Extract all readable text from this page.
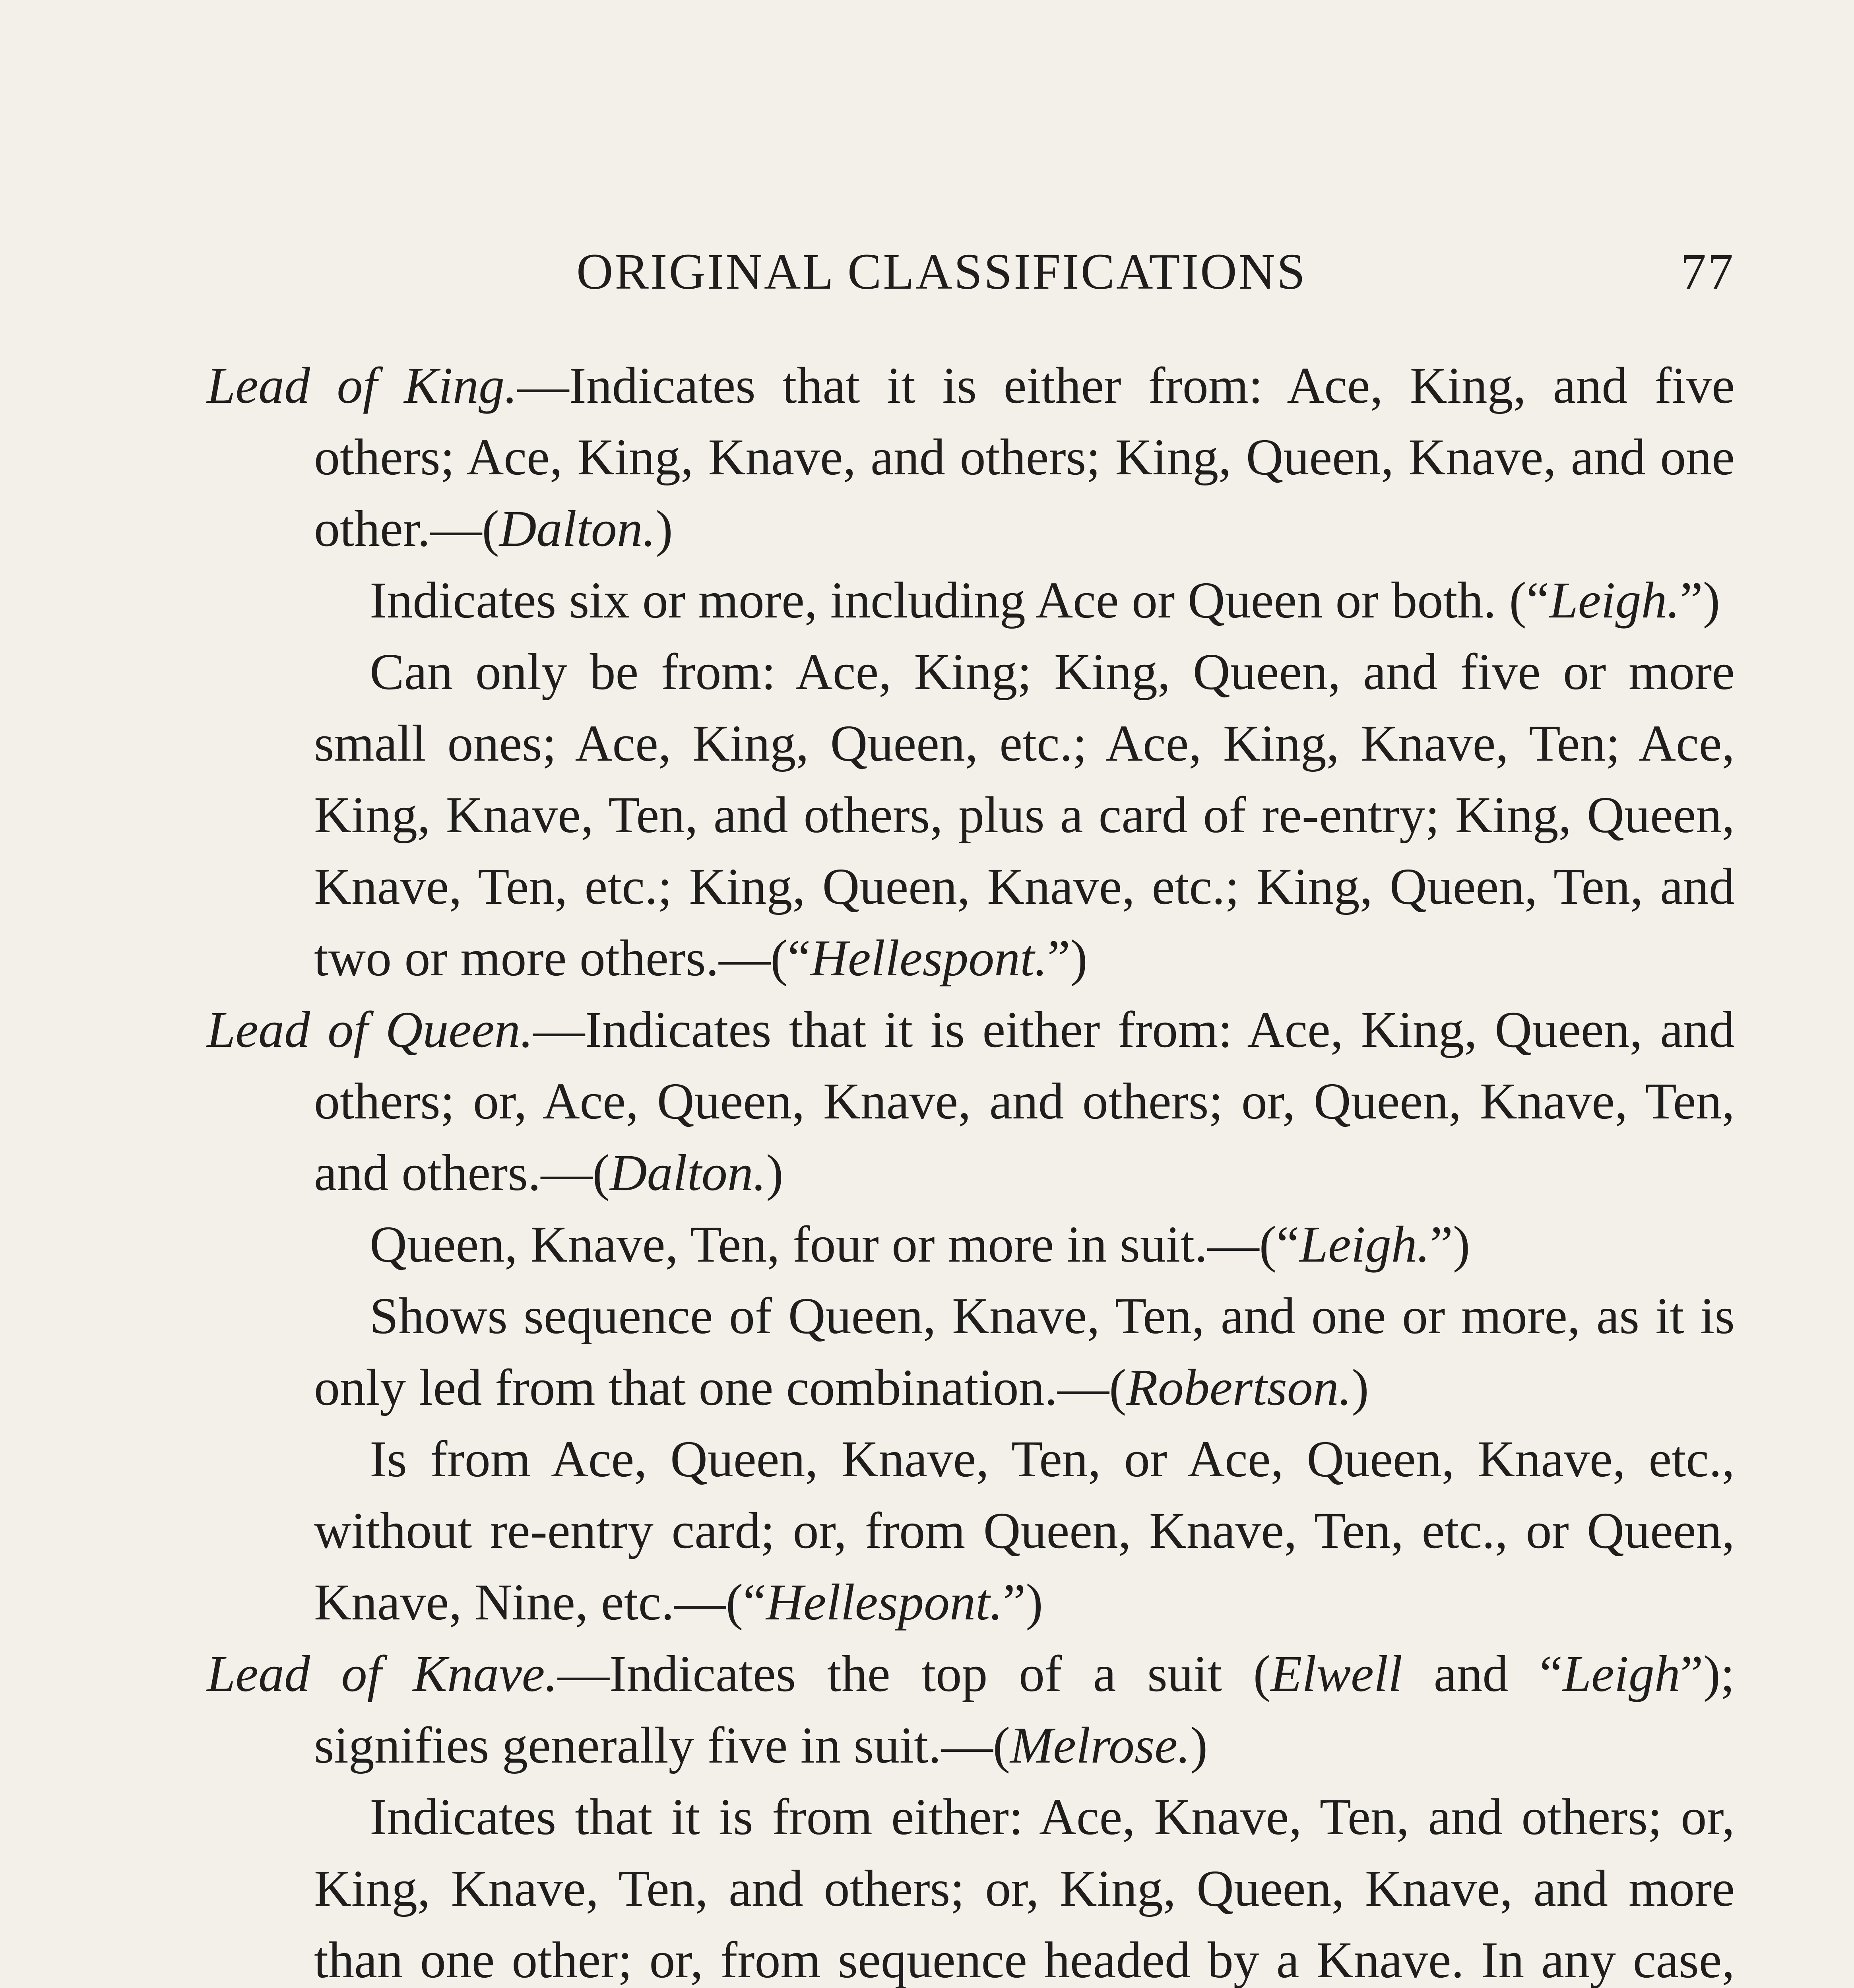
ORIGINAL CLASSIFICATIONS	77

Lead of King.—Indicates that it is either from: Ace, King, and five others; Ace, King, Knave, and others; King, Queen, Knave, and one other.—(Dalton.)

Indicates six or more, including Ace or Queen or both. (“Leigh.”)

Can only be from: Ace, King; King, Queen, and five or more small ones; Ace, King, Queen, etc.; Ace, King, Knave, Ten; Ace, King, Knave, Ten, and others, plus a card of re-entry; King, Queen, Knave, Ten, etc.; King, Queen, Knave, etc.; King, Queen, Ten, and two or more others.—(“Hellespont.”)

Lead of Queen.—Indicates that it is either from: Ace, King, Queen, and others; or, Ace, Queen, Knave, and others; or, Queen, Knave, Ten, and others.—(Dalton.)

Queen, Knave, Ten, four or more in suit.—(“Leigh.”)

Shows sequence of Queen, Knave, Ten, and one or more, as it is only led from that one combination.—(Robertson.)

Is from Ace, Queen, Knave, Ten, or Ace, Queen, Knave, etc., without re-entry card; or, from Queen, Knave, Ten, etc., or Queen, Knave, Nine, etc.—(“Hellespont.”)

Lead of Knave.—Indicates the top of a suit (Elwell and “Leigh”); signifies generally five in suit.—(Melrose.)

Indicates that it is from either: Ace, Knave, Ten, and others; or, King, Knave, Ten, and others; or, King, Queen, Knave, and more than one other; or, from sequence headed by a Knave. In any case,
